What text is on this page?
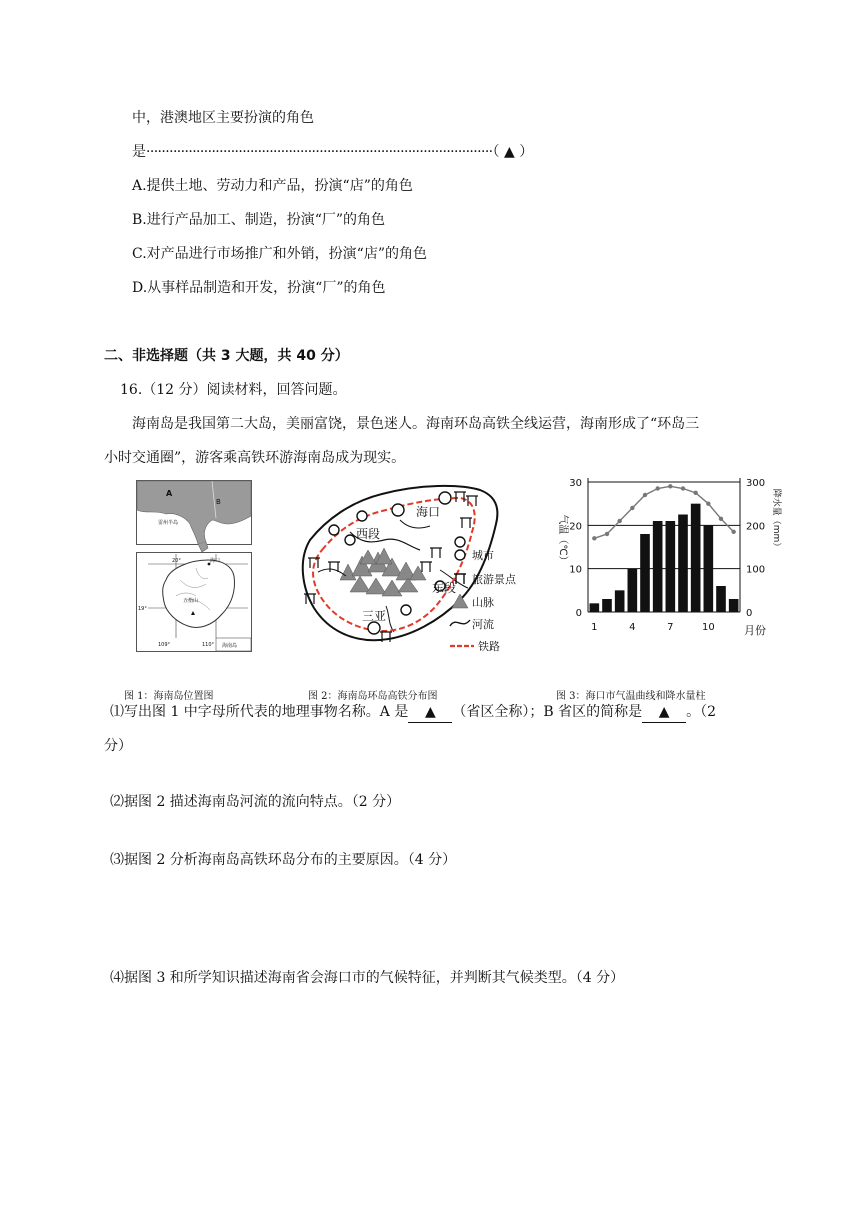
中，港澳地区主要扮演的角色
是··························································································（ ▲ ）
A.提供土地、劳动力和产品，扮演“店”的角色
B.进行产品加工、制造，扮演“厂”的角色
C.对产品进行市场推广和外销，扮演“店”的角色
D.从事样品制造和开发，扮演“厂”的角色
二、非选择题（共 3 大题，共 40 分）
16.（12 分）阅读材料，回答问题。
海南岛是我国第二大岛，美丽富饶，景色迷人。海南环岛高铁全线运营，海南形成了“环岛三
小时交通圈”，游客乘高铁环游海南岛成为现实。
A
B
雷州半岛
海口
五指山
20°
19°
109°	110° 海南岛
海口
西段
东段
三亚
城市
旅游景点
山脉
河流
铁路
30
20
10
0
300
200
100
0
1	4	7	10	月份
气温（℃）	降水量（mm）
图 1：海南岛位置图	图 2：海南岛环岛高铁分布图	图 3：海口市气温曲线和降水量柱
⑴写出图 1 中字母所代表的地理事物名称。A 是 ▲ （省区全称）；B 省区的简称是 ▲ 。（2
分）
⑵据图 2 描述海南岛河流的流向特点。（2 分）
⑶据图 2 分析海南岛高铁环岛分布的主要原因。（4 分）
⑷据图 3 和所学知识描述海南省会海口市的气候特征，并判断其气候类型。（4 分）
